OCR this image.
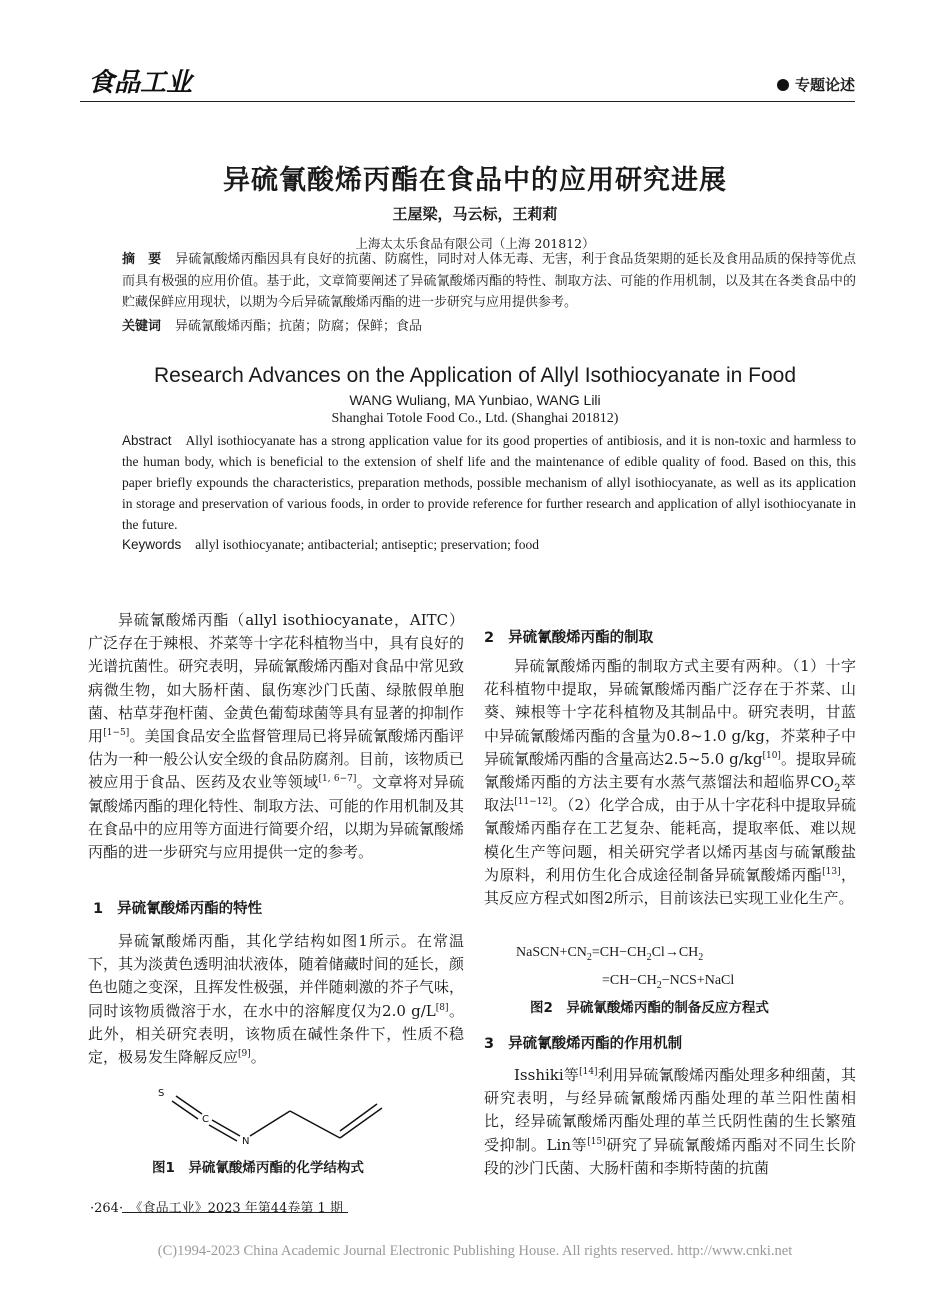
食品工业	专题论述
异硫氰酸烯丙酯在食品中的应用研究进展
王屋梁，马云标，王莉莉
上海太太乐食品有限公司（上海 201812）
摘　要 异硫氰酸烯丙酯因具有良好的抗菌、防腐性，同时对人体无毒、无害，利于食品货架期的延长及食用品质的保持等优点而具有极强的应用价值。基于此，文章简要阐述了异硫氰酸烯丙酯的特性、制取方法、可能的作用机制，以及其在各类食品中的贮藏保鲜应用现状，以期为今后异硫氰酸烯丙酯的进一步研究与应用提供参考。
关键词 异硫氰酸烯丙酯；抗菌；防腐；保鲜；食品
Research Advances on the Application of Allyl Isothiocyanate in Food
WANG Wuliang, MA Yunbiao, WANG Lili
Shanghai Totole Food Co., Ltd. (Shanghai 201812)
Abstract Allyl isothiocyanate has a strong application value for its good properties of antibiosis, and it is non-toxic and harmless to the human body, which is beneficial to the extension of shelf life and the maintenance of edible quality of food. Based on this, this paper briefly expounds the characteristics, preparation methods, possible mechanism of allyl isothiocyanate, as well as its application in storage and preservation of various foods, in order to provide reference for further research and application of allyl isothiocyanate in the future.
Keywords allyl isothiocyanate; antibacterial; antiseptic; preservation; food

异硫氰酸烯丙酯（allyl isothiocyanate，AITC）广泛存在于辣根、芥菜等十字花科植物当中，具有良好的光谱抗菌性。研究表明，异硫氰酸烯丙酯对食品中常见致病微生物，如大肠杆菌、鼠伤寒沙门氏菌、绿脓假单胞菌、枯草芽孢杆菌、金黄色葡萄球菌等具有显著的抑制作用[1−5]。美国食品安全监督管理局已将异硫氰酸烯丙酯评估为一种一般公认安全级的食品防腐剂。目前，该物质已被应用于食品、医药及农业等领域[1, 6−7]。文章将对异硫氰酸烯丙酯的理化特性、制取方法、可能的作用机制及其在食品中的应用等方面进行简要介绍，以期为异硫氰酸烯丙酯的进一步研究与应用提供一定的参考。

1 异硫氰酸烯丙酯的特性

异硫氰酸烯丙酯，其化学结构如图1所示。在常温下，其为淡黄色透明油状液体，随着储藏时间的延长，颜色也随之变深，且挥发性极强，并伴随刺激的芥子气味，同时该物质微溶于水，在水中的溶解度仅为2.0 g/L[8]。此外，相关研究表明，该物质在碱性条件下，性质不稳定，极易发生降解反应[9]。

S
C
N
图1　异硫氰酸烯丙酯的化学结构式
2 异硫氰酸烯丙酯的制取

异硫氰酸烯丙酯的制取方式主要有两种。（1）十字花科植物中提取，异硫氰酸烯丙酯广泛存在于芥菜、山葵、辣根等十字花科植物及其制品中。研究表明，甘蓝中异硫氰酸烯丙酯的含量为0.8~1.0 g/kg，芥菜种子中异硫氰酸烯丙酯的含量高达2.5~5.0 g/kg[10]。提取异硫氰酸烯丙酯的方法主要有水蒸气蒸馏法和超临界$CO_2$萃取法[11−12]。（2）化学合成，由于从十字花科中提取异硫氰酸烯丙酯存在工艺复杂、能耗高，提取率低、难以规模化生产等问题，相关研究学者以烯丙基卤与硫氰酸盐为原料，利用仿生化合成途径制备异硫氰酸烯丙酯[13]，其反应方程式如图2所示，目前该法已实现工业化生产。

$NaSCN+CN_2=CH-CH_2Cl\to CH_2$
$=CH-CH_2-NCS+NaCl$
图2　异硫氰酸烯丙酯的制备反应方程式
3 异硫氰酸烯丙酯的作用机制

Isshiki等[14]利用异硫氰酸烯丙酯处理多种细菌，其研究表明，与经异硫氰酸烯丙酯处理的革兰阳性菌相比，经异硫氰酸烯丙酯处理的革兰氏阴性菌的生长繁殖受抑制。Lin等[15]研究了异硫氰酸烯丙酯对不同生长阶段的沙门氏菌、大肠杆菌和李斯特菌的抗菌

·264·　《食品工业》2023 年第44卷第 1 期
(C)1994-2023 China Academic Journal Electronic Publishing House. All rights reserved. http://www.cnki.net
